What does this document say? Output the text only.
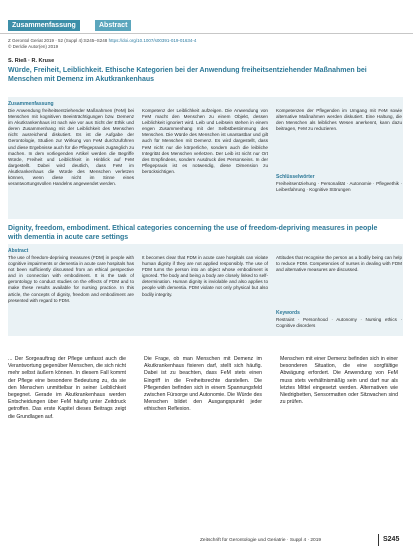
Zusammenfassung	Abstract
Z Gerontol Geriat 2019 · 52 (Suppl 4):S245–S248 https://doi.org/10.1007/s00391-019-01634-4
© Der/die Autor(en) 2019
S. Rieß · R. Kruse
Würde, Freiheit, Leiblichkeit. Ethische Kategorien bei der Anwendung freiheitsentziehender Maßnahmen bei Menschen mit Demenz im Akutkrankenhaus
Zusammenfassung
Die Anwendung freiheitsentziehender Maßnahmen (FeM) bei Menschen mit kognitiven Beeinträchtigungen bzw. Demenz im Akutkrankenhaus ist nach wie vor aus Sicht der Ethik und deren Zusammenhang mit der Leiblichkeit des Menschen nicht ausreichend diskutiert. Es ist die Aufgabe der Gerontologie, Studien zur Wirkung von FeM durchzuführen und diese Ergebnisse auch für die Pflegepraxis zugänglich zu machen. In dem vorliegenden Artikel werden die Begriffe Würde, Freiheit und Leiblichkeit in Hinblick auf FeM dargestellt. Dabei wird deutlich, dass FeM im Akutkrankenhaus die Würde des Menschen verletzen können, wenn diese nicht im Sinne eines verantwortungsvollen Handelns angewendet werden.
Kompetenz der Leiblichkeit aufzeigen. Die Anwendung von FeM macht den Menschen zu einem Objekt, dessen Leiblichkeit ignoriert wird. Leib und Leibsein stehen in einem engen Zusammenhang mit der Selbstbestimmung des Menschen. Die Würde des Menschen ist unantastbar und gilt auch für Menschen mit Demenz. Es wird dargestellt, dass FeM nicht nur die körperliche, sondern auch die leibliche Integrität des Menschen verletzen. Der Leib ist nicht nur Ort des Empfindens, sondern Ausdruck des Personseins. In der Pflegepraxis ist es notwendig, diese Dimension zu berücksichtigen.
Kompetenzen der Pflegenden im Umgang mit FeM sowie alternative Maßnahmen werden diskutiert. Eine Haltung, die den Menschen als leibliches Wesen anerkennt, kann dazu beitragen, FeM zu reduzieren.
Schlüsselwörter
Freiheitsentziehung · Personalität · Autonomie · Pflegeethik · Leibesfahrung · Kognitive Störungen
Dignity, freedom, embodiment. Ethical categories concerning the use of freedom-depriving measures in people with dementia in acute care settings
Abstract
The use of freedom-depriving measures (FDM) in people with cognitive impairments or dementia in acute care hospitals has not been sufficiently discussed from an ethical perspective and in connection with embodiment. It is the task of gerontology to conduct studies on the effects of FDM and to make these results available for nursing practice. In this article, the concepts of dignity, freedom and embodiment are presented with regard to FDM.
It becomes clear that FDM in acute care hospitals can violate human dignity if they are not applied responsibly. The use of FDM turns the person into an object whose embodiment is ignored. The body and being a body are closely linked to self-determination. Human dignity is inviolable and also applies to people with dementia. FDM violate not only physical but also bodily integrity.
Attitudes that recognise the person as a bodily being can help to reduce FDM. Competencies of nurses in dealing with FDM and alternative measures are discussed.
Keywords
Restraint · Personhood · Autonomy · Nursing ethics · Cognitive disorders
... Der Sorgeauftrag der Pflege umfasst auch die Verantwortung gegenüber Menschen, die sich nicht mehr selbst äußern können. In diesem Fall kommt der Pflege eine besondere Bedeutung zu, da sie den Menschen unmittelbar in seiner Leiblichkeit begegnet. Gerade im Akutkrankenhaus werden Entscheidungen über FeM häufig unter Zeitdruck getroffen. Das erste Kapitel dieses Beitrags zeigt die Grundlagen auf.
Die Frage, ob man Menschen mit Demenz im Akutkrankenhaus fixieren darf, stellt sich häufig. Dabei ist zu beachten, dass FeM stets einen Eingriff in die Freiheitsrechte darstellen. Die Pflegenden befinden sich in einem Spannungsfeld zwischen Fürsorge und Autonomie. Die Würde des Menschen bildet den Ausgangspunkt jeder ethischen Reflexion.
Menschen mit einer Demenz befinden sich in einer besonderen Situation, die eine sorgfältige Abwägung erfordert. Die Anwendung von FeM muss stets verhältnismäßig sein und darf nur als letztes Mittel eingesetzt werden. Alternativen wie Niedrigbetten, Sensormatten oder Sitzwachen sind zu prüfen.
Zeitschrift für Gerontologie und Geriatrie · Suppl 4 · 2019	S245
